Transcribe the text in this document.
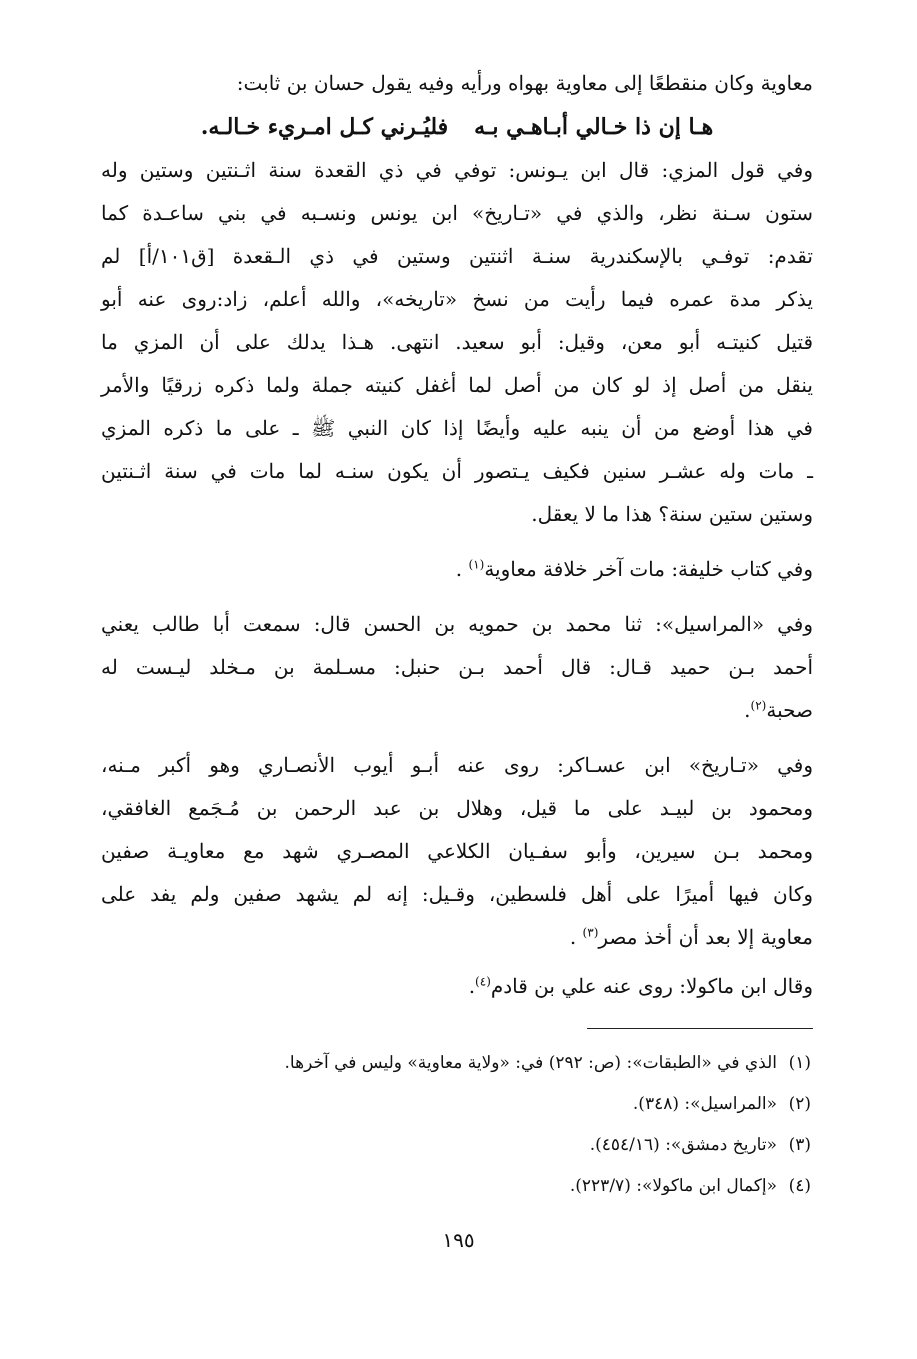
معاوية وكان منقطعًا إلى معاوية بهواه ورأيه وفيه يقول حسان بن ثابت:
هـا إن ذا خـالي أبـاهـي بـهفليُـرني كـل امـريء خـالـه.
وفي قول المزي: قال ابن يـونس: توفي في ذي القعدة سنة اثـنتين وستين وله
ستون سـنة نظر، والذي في «تـاريخ» ابن يونس ونسـبه في بني ساعـدة كما
تقدم: توفـي بالإسكندرية سنـة اثنتين وستين في ذي الـقعدة [ق١٠١/أ] لم
يذكر مدة عمره فيما رأيت من نسخ «تاريخه»، والله أعلم، زاد:روى عنه أبو
قتيل كنيتـه أبو معن، وقيل: أبو سعيد. انتهى. هـذا يدلك على أن المزي ما
ينقل من أصل إذ لو كان من أصل لما أغفل كنيته جملة ولما ذكره زرقيًا والأمر
في هذا أوضع من أن ينبه عليه وأيضًا إذا كان النبي ﷺ ـ على ما ذكره المزي
ـ مات وله عشـر سنين فكيف يـتصور أن يكون سنـه لما مات في سنة اثـنتين
وستين ستين سنة؟ هذا ما لا يعقل.
وفي كتاب خليفة: مات آخر خلافة معاوية$^{(١)}$ .
وفي «المراسيل»: ثنا محمد بن حمويه بن الحسن قال: سمعت أبا طالب يعني
أحمد بـن حميد قـال: قال أحمد بـن حنبل: مسـلمة بن مـخلد ليـست له
صحبة$^{(٢)}$.
وفي «تـاريخ» ابن عسـاكر: روى عنه أبـو أيوب الأنصـاري وهو أكبر مـنه،
ومحمود بن لبيـد على ما قيل، وهلال بن عبد الرحمن بن مُـجَمع الغافقي،
ومحمد بـن سيرين، وأبو سفـيان الكلاعي المصـري شهد مع معاويـة صفين
وكان فيها أميرًا على أهل فلسطين، وقـيل: إنه لم يشهد صفين ولم يفد على
معاوية إلا بعد أن أخذ مصر$^{(٣)}$ .
وقال ابن ماكولا: روى عنه علي بن قادم$^{(٤)}$.
(١)الذي في «الطبقات»: (ص: ٢٩٢) في: «ولاية معاوية» وليس في آخرها.
(٢)«المراسيل»: (٣٤٨).
(٣)«تاريخ دمشق»: (٤٥٤/١٦).
(٤)«إكمال ابن ماكولا»: (٢٢٣/٧).
١٩٥
